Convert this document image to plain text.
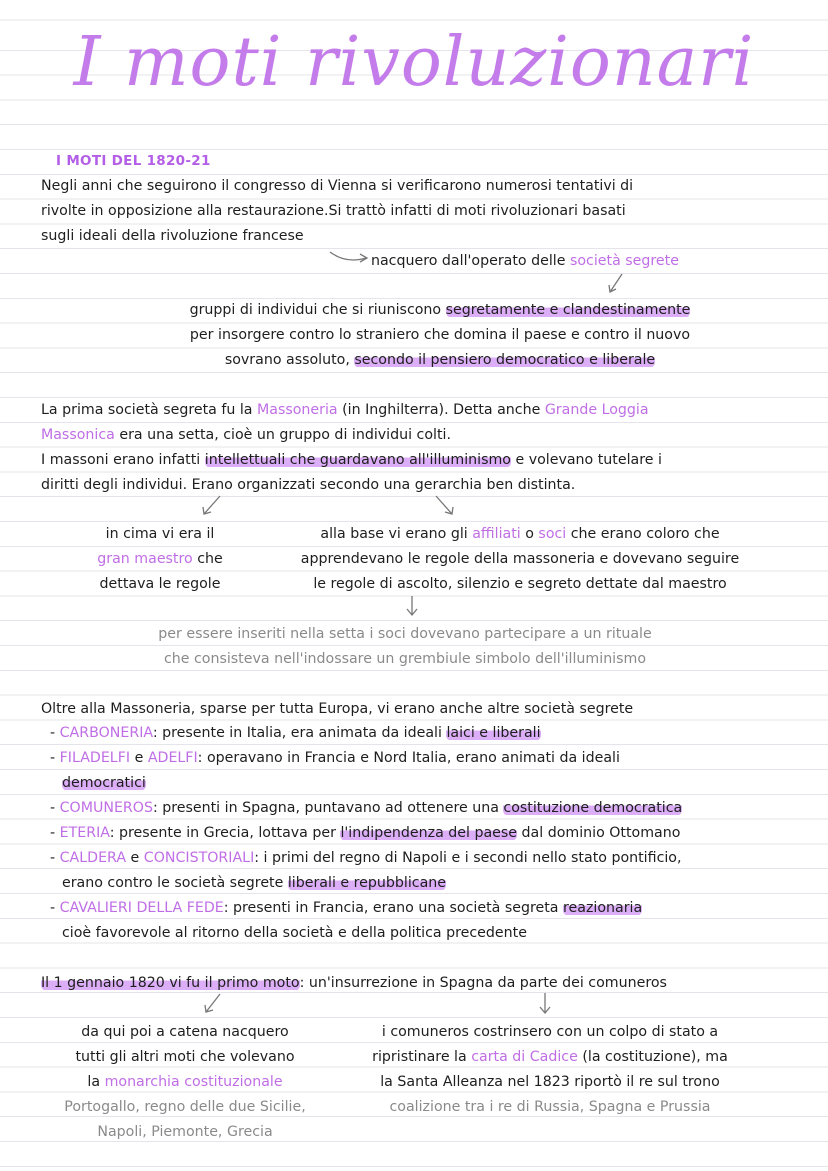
I moti rivoluzionari
I MOTI DEL 1820-21
Negli anni che seguirono il congresso di Vienna si verificarono numerosi tentativi di
rivolte in opposizione alla restaurazione.Si trattò infatti di moti rivoluzionari basati
sugli ideali della rivoluzione francese
nacquero dall'operato delle società segrete
gruppi di individui che si riuniscono segretamente e clandestinamente
per insorgere contro lo straniero che domina il paese e contro il nuovo
sovrano assoluto, secondo il pensiero democratico e liberale
La prima società segreta fu la Massoneria (in Inghilterra). Detta anche Grande Loggia
Massonica era una setta, cioè un gruppo di individui colti.
I massoni erano infatti intellettuali che guardavano all'illuminismo e volevano tutelare i
diritti degli individui. Erano organizzati secondo una gerarchia ben distinta.
in cima vi era il
gran maestro che
dettava le regole
alla base vi erano gli affiliati o soci che erano coloro che
apprendevano le regole della massoneria e dovevano seguire
le regole di ascolto, silenzio e segreto dettate dal maestro
per essere inseriti nella setta i soci dovevano partecipare a un rituale
che consisteva nell'indossare un grembiule simbolo dell'illuminismo
Oltre alla Massoneria, sparse per tutta Europa, vi erano anche altre società segrete
- CARBONERIA: presente in Italia, era animata da ideali laici e liberali
- FILADELFI e ADELFI: operavano in Francia e Nord Italia, erano animati da ideali
democratici
- COMUNEROS: presenti in Spagna, puntavano ad ottenere una costituzione democratica
- ETERIA: presente in Grecia, lottava per l'indipendenza del paese dal dominio Ottomano
- CALDERA e CONCISTORIALI: i primi del regno di Napoli e i secondi nello stato pontificio,
erano contro le società segrete liberali e repubblicane
- CAVALIERI DELLA FEDE: presenti in Francia, erano una società segreta reazionaria
cioè favorevole al ritorno della società e della politica precedente
Il 1 gennaio 1820 vi fu il primo moto: un'insurrezione in Spagna da parte dei comuneros
da qui poi a catena nacquero
tutti gli altri moti che volevano
la monarchia costituzionale
Portogallo, regno delle due Sicilie,
Napoli, Piemonte, Grecia
i comuneros costrinsero con un colpo di stato a
ripristinare la carta di Cadice (la costituzione), ma
la Santa Alleanza nel 1823 riportò il re sul trono
coalizione tra i re di Russia, Spagna e Prussia
